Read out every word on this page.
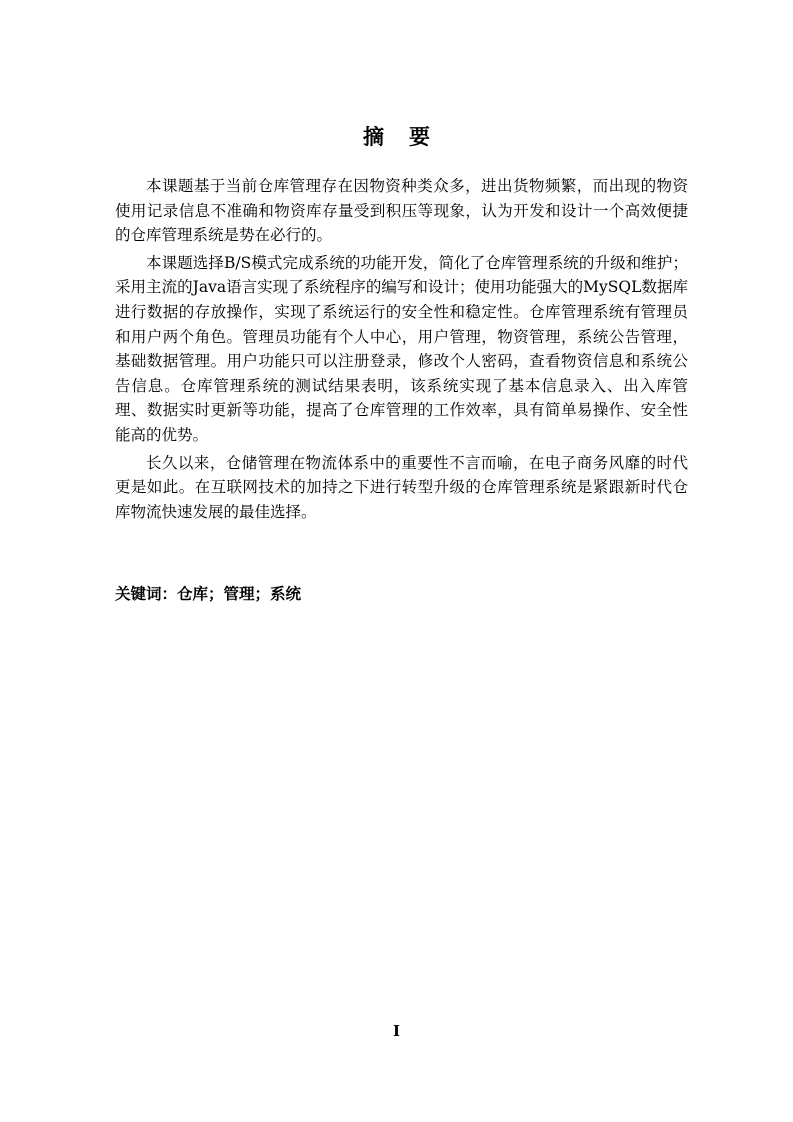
摘要

本课题基于当前仓库管理存在因物资种类众多，进出货物频繁，而出现的物资使用记录信息不准确和物资库存量受到积压等现象，认为开发和设计一个高效便捷的仓库管理系统是势在必行的。

本课题选择B/S模式完成系统的功能开发，简化了仓库管理系统的升级和维护；采用主流的Java语言实现了系统程序的编写和设计；使用功能强大的MySQL数据库进行数据的存放操作，实现了系统运行的安全性和稳定性。仓库管理系统有管理员和用户两个角色。管理员功能有个人中心，用户管理，物资管理，系统公告管理，基础数据管理。用户功能只可以注册登录，修改个人密码，查看物资信息和系统公告信息。仓库管理系统的测试结果表明，该系统实现了基本信息录入、出入库管理、数据实时更新等功能，提高了仓库管理的工作效率，具有简单易操作、安全性能高的优势。

长久以来，仓储管理在物流体系中的重要性不言而喻，在电子商务风靡的时代更是如此。在互联网技术的加持之下进行转型升级的仓库管理系统是紧跟新时代仓库物流快速发展的最佳选择。

关键词：仓库；管理；系统

I
